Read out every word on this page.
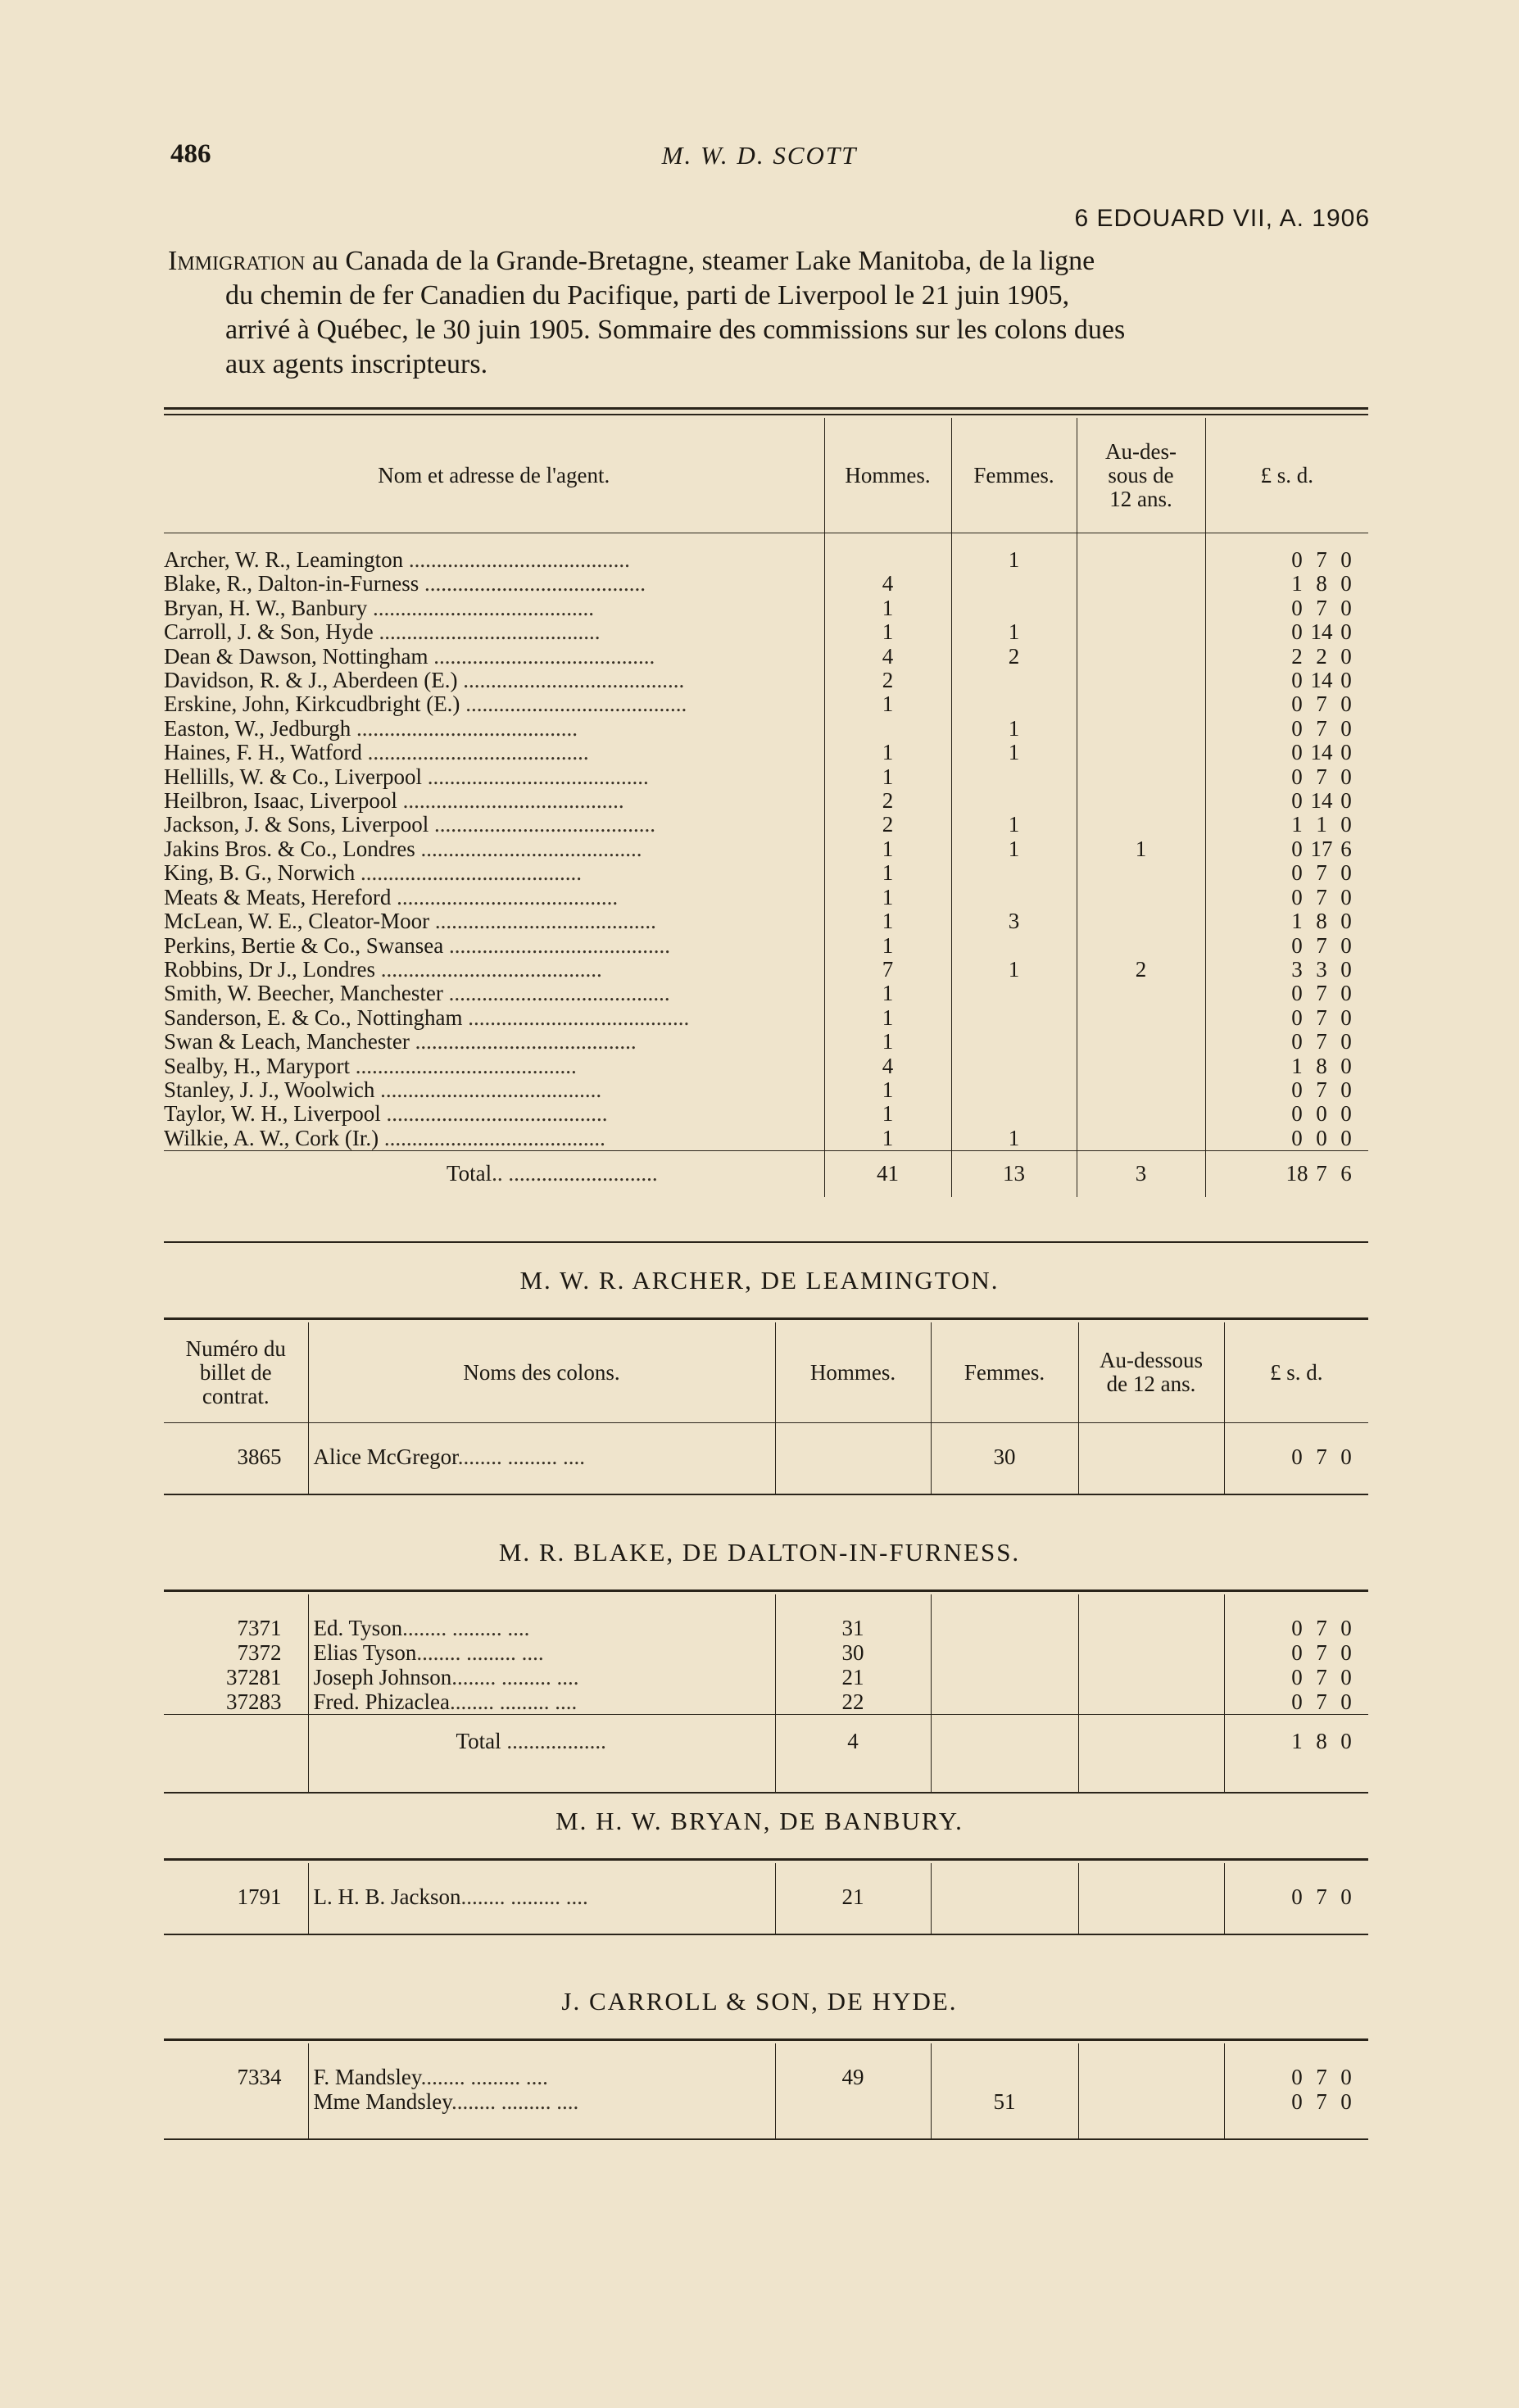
486	M. W. D. SCOTT
6 EDOUARD VII, A. 1906
Immigration au Canada de la Grande-Bretagne, steamer Lake Manitoba, de la ligne
du chemin de fer Canadien du Pacifique, parti de Liverpool le 21 juin 1905,
arrivé à Québec, le 30 juin 1905. Sommaire des commissions sur les colons dues
aux agents inscripteurs.
Nom et adresse de l'agent.	Hommes.	Femmes.	Au-des-
sous de
12 ans.	£ s. d.
Archer, W. R., Leamington ........................................		1		0 7 0
Blake, R., Dalton-in-Furness ........................................	4			1 8 0
Bryan, H. W., Banbury ........................................	1			0 7 0
Carroll, J. & Son, Hyde ........................................	1	1		0 14 0
Dean & Dawson, Nottingham ........................................	4	2		2 2 0
Davidson, R. & J., Aberdeen (E.) ........................................	2			0 14 0
Erskine, John, Kirkcudbright (E.) ........................................	1			0 7 0
Easton, W., Jedburgh ........................................		1		0 7 0
Haines, F. H., Watford ........................................	1	1		0 14 0
Hellills, W. & Co., Liverpool ........................................	1			0 7 0
Heilbron, Isaac, Liverpool ........................................	2			0 14 0
Jackson, J. & Sons, Liverpool ........................................	2	1		1 1 0
Jakins Bros. & Co., Londres ........................................	1	1	1	0 17 6
King, B. G., Norwich ........................................	1			0 7 0
Meats & Meats, Hereford ........................................	1			0 7 0
McLean, W. E., Cleator-Moor ........................................	1	3		1 8 0
Perkins, Bertie & Co., Swansea ........................................	1			0 7 0
Robbins, Dr J., Londres ........................................	7	1	2	3 3 0
Smith, W. Beecher, Manchester ........................................	1			0 7 0
Sanderson, E. & Co., Nottingham ........................................	1			0 7 0
Swan & Leach, Manchester ........................................	1			0 7 0
Sealby, H., Maryport ........................................	4			1 8 0
Stanley, J. J., Woolwich ........................................	1			0 7 0
Taylor, W. H., Liverpool ........................................	1			0 0 0
Wilkie, A. W., Cork (Ir.) ........................................	1	1		0 0 0
Total.. ...........................	41	13	3	18 7 6
M. W. R. ARCHER, DE LEAMINGTON.
Numéro du
billet de
contrat.	Noms des colons.	Hommes.	Femmes.	Au-dessous
de 12 ans.	£ s. d.
3865	Alice McGregor........ ......... ....		30		0 7 0

M. R. BLAKE, DE DALTON-IN-FURNESS.
7371	Ed. Tyson........ ......... ....	31			0 7 0
7372	Elias Tyson........ ......... ....	30			0 7 0
37281	Joseph Johnson........ ......... ....	21			0 7 0
37283	Fred. Phizaclea........ ......... ....	22			0 7 0
	Total ..................	4			1 8 0

M. H. W. BRYAN, DE BANBURY.
1791	L. H. B. Jackson........ ......... ....	21			0 7 0

J. CARROLL & SON, DE HYDE.
7334	F. Mandsley........ ......... ....	49			0 7 0
	Mme Mandsley........ ......... ....		51		0 7 0
